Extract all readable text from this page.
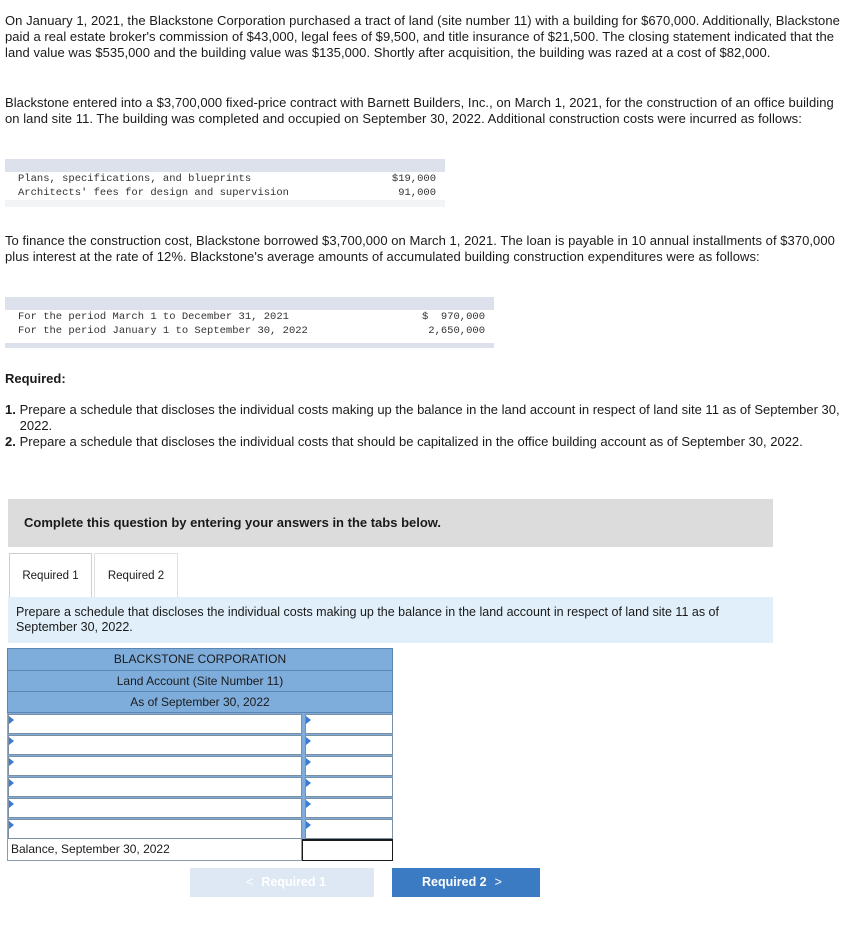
On January 1, 2021, the Blackstone Corporation purchased a tract of land (site number 11) with a building for $670,000. Additionally, Blackstone paid a real estate broker's commission of $43,000, legal fees of $9,500, and title insurance of $21,500. The closing statement indicated that the land value was $535,000 and the building value was $135,000. Shortly after acquisition, the building was razed at a cost of $82,000.

Plans, specifications, and blueprints	$19,000
Architects' fees for design and supervision	91,000

Blackstone entered into a $3,700,000 fixed-price contract with Barnett Builders, Inc., on March 1, 2021, for the construction of an office building on land site 11. The building was completed and occupied on September 30, 2022. Additional construction costs were incurred as follows:

To finance the construction cost, Blackstone borrowed $3,700,000 on March 1, 2021. The loan is payable in 10 annual installments of $370,000 plus interest at the rate of 12%. Blackstone's average amounts of accumulated building construction expenditures were as follows:

For the period March 1 to December 31, 2021	$  970,000
For the period January 1 to September 30, 2022	2,650,000
Required:
1. Prepare a schedule that discloses the individual costs making up the balance in the land account in respect of land site 11 as of September 30, 2022.
2. Prepare a schedule that discloses the individual costs that should be capitalized in the office building account as of September 30, 2022.
Complete this question by entering your answers in the tabs below.
Required 1	Required 2
Prepare a schedule that discloses the individual costs making up the balance in the land account in respect of land site 11 as of September 30, 2022.
BLACKSTONE CORPORATION
Land Account (Site Number 11)
As of September 30, 2022
Balance, September 30, 2022
< Required 1	Required 2 >
